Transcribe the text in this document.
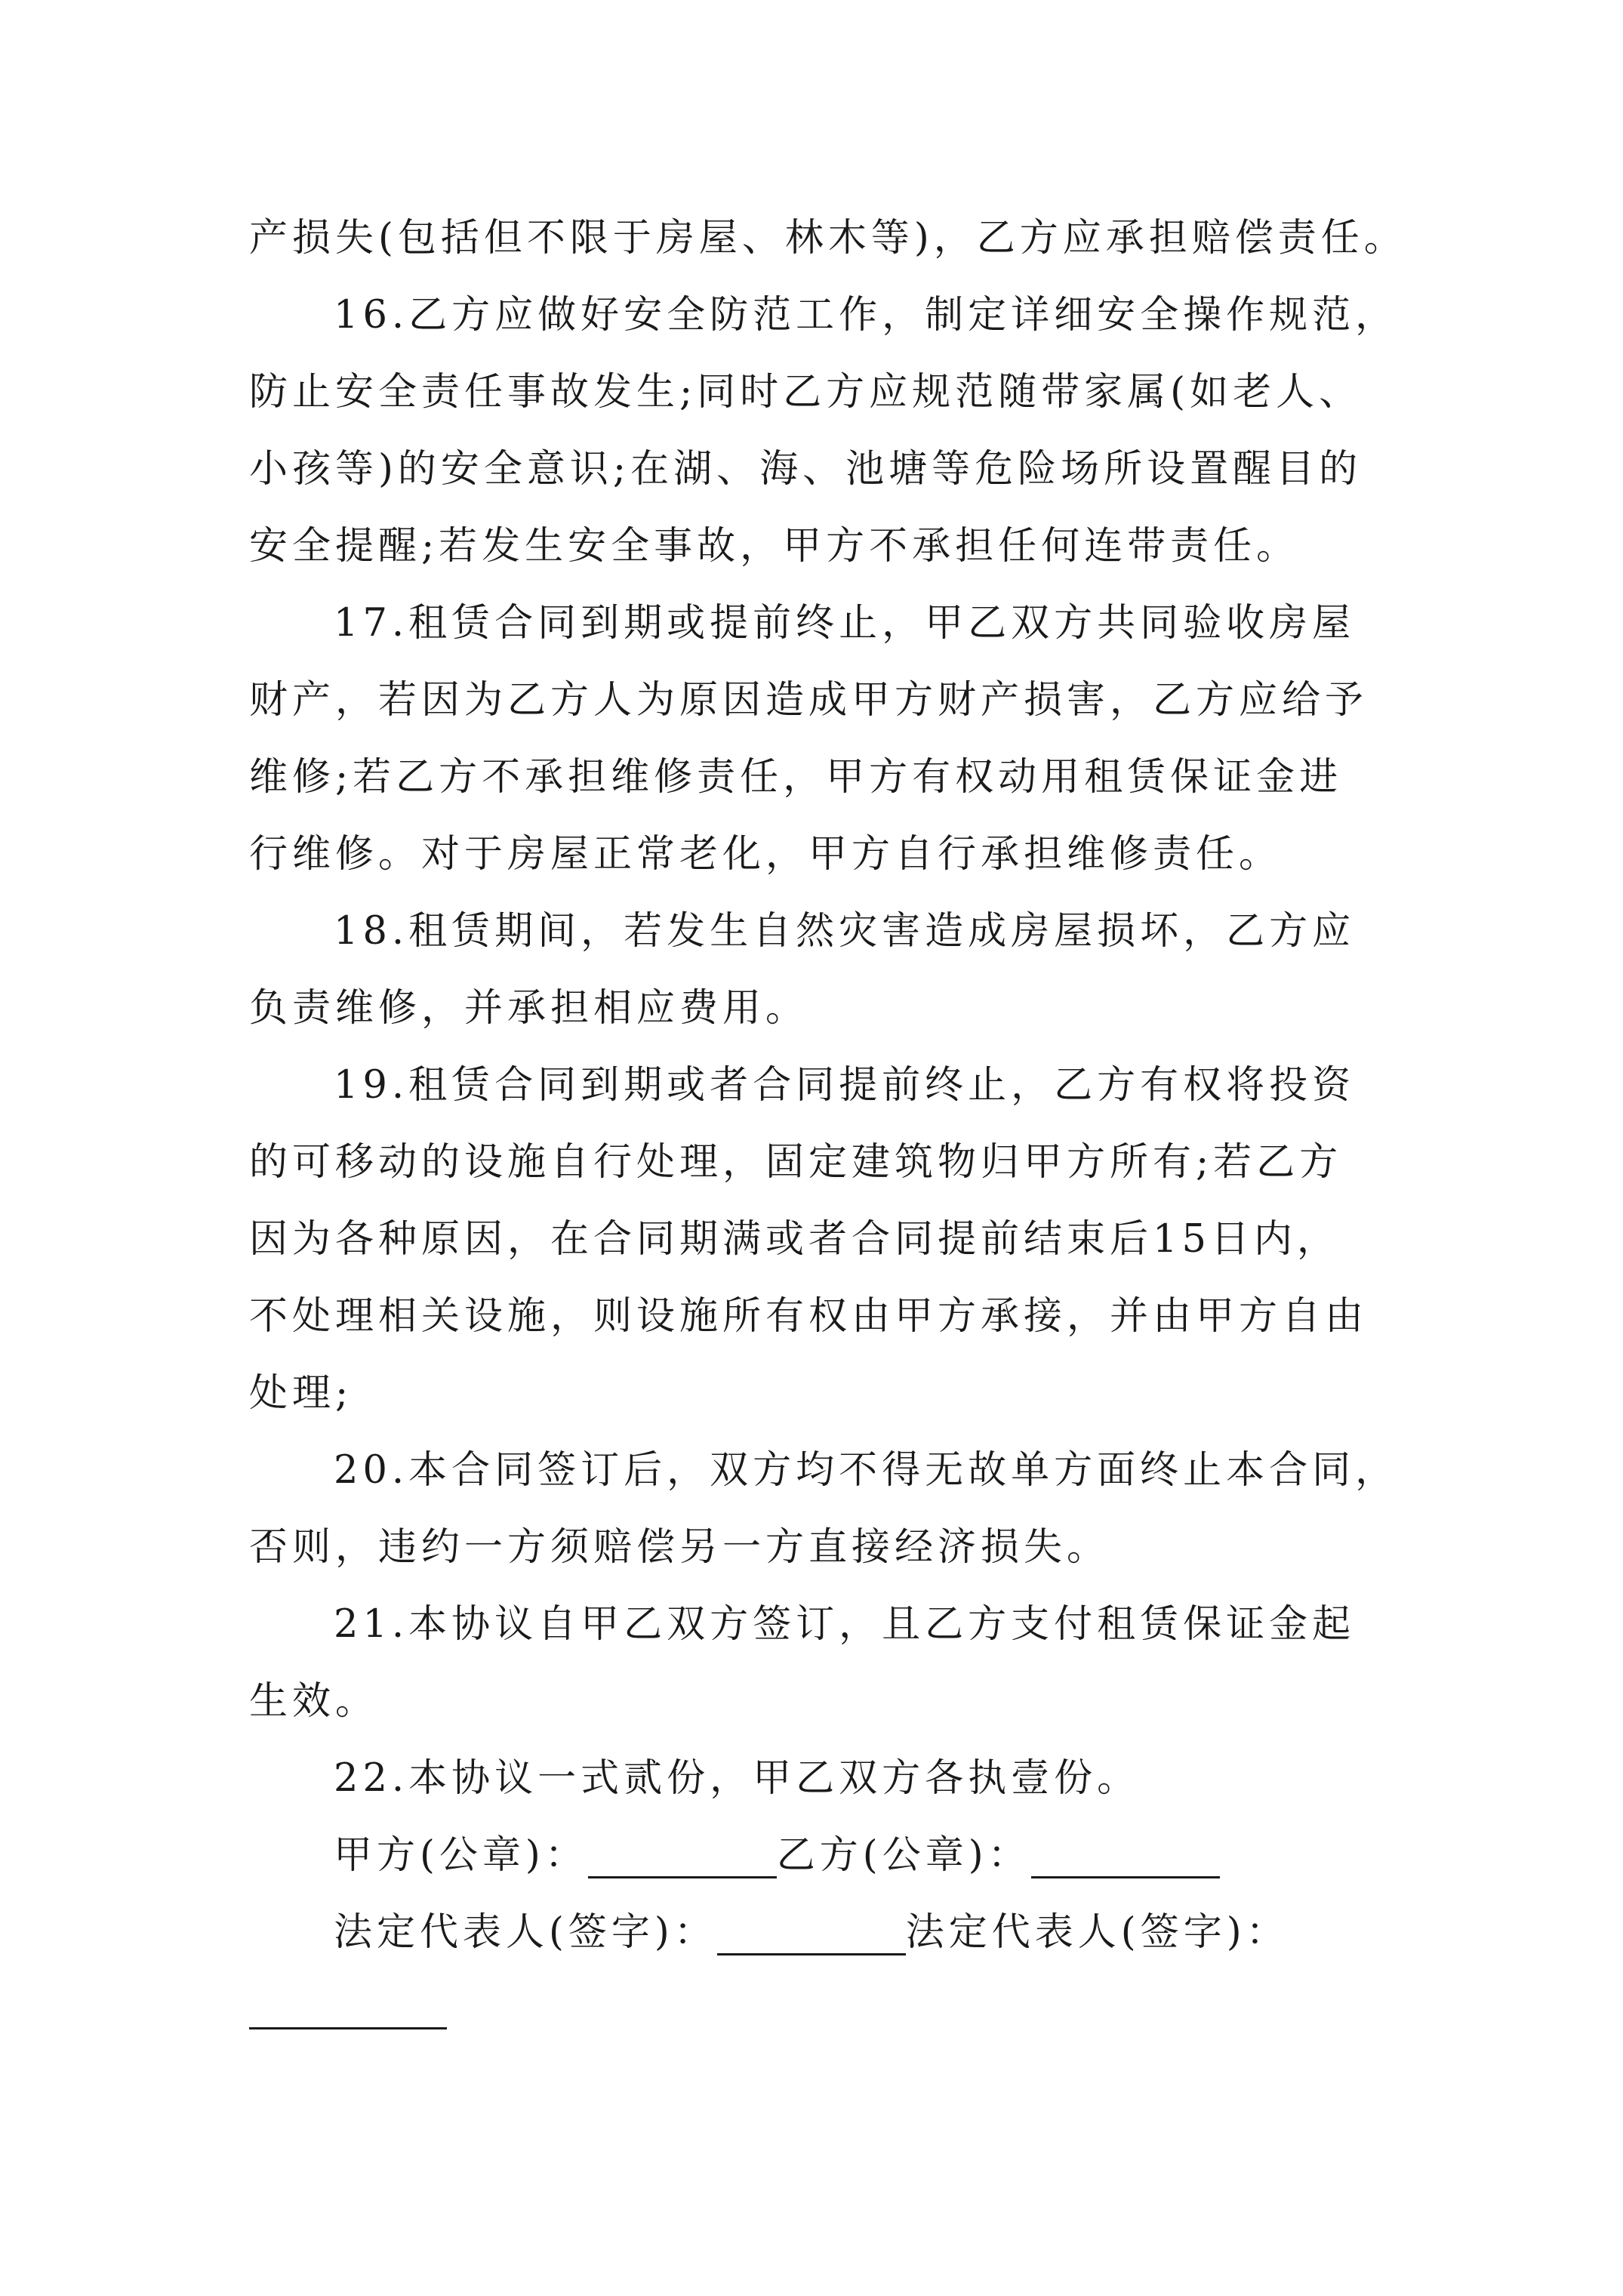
产损失(包括但不限于房屋、林木等)，乙方应承担赔偿责任。
16.乙方应做好安全防范工作，制定详细安全操作规范，
防止安全责任事故发生;同时乙方应规范随带家属(如老人、
小孩等)的安全意识;在湖、海、池塘等危险场所设置醒目的
安全提醒;若发生安全事故，甲方不承担任何连带责任。
17.租赁合同到期或提前终止，甲乙双方共同验收房屋
财产，若因为乙方人为原因造成甲方财产损害，乙方应给予
维修;若乙方不承担维修责任，甲方有权动用租赁保证金进
行维修。对于房屋正常老化，甲方自行承担维修责任。
18.租赁期间，若发生自然灾害造成房屋损坏，乙方应
负责维修，并承担相应费用。
19.租赁合同到期或者合同提前终止，乙方有权将投资
的可移动的设施自行处理，固定建筑物归甲方所有;若乙方
因为各种原因，在合同期满或者合同提前结束后15日内，
不处理相关设施，则设施所有权由甲方承接，并由甲方自由
处理;
20.本合同签订后，双方均不得无故单方面终止本合同，
否则，违约一方须赔偿另一方直接经济损失。
21.本协议自甲乙双方签订，且乙方支付租赁保证金起
生效。
22.本协议一式贰份，甲乙双方各执壹份。
甲方(公章)：	乙方(公章)：
法定代表人(签字)：	法定代表人(签字)：
